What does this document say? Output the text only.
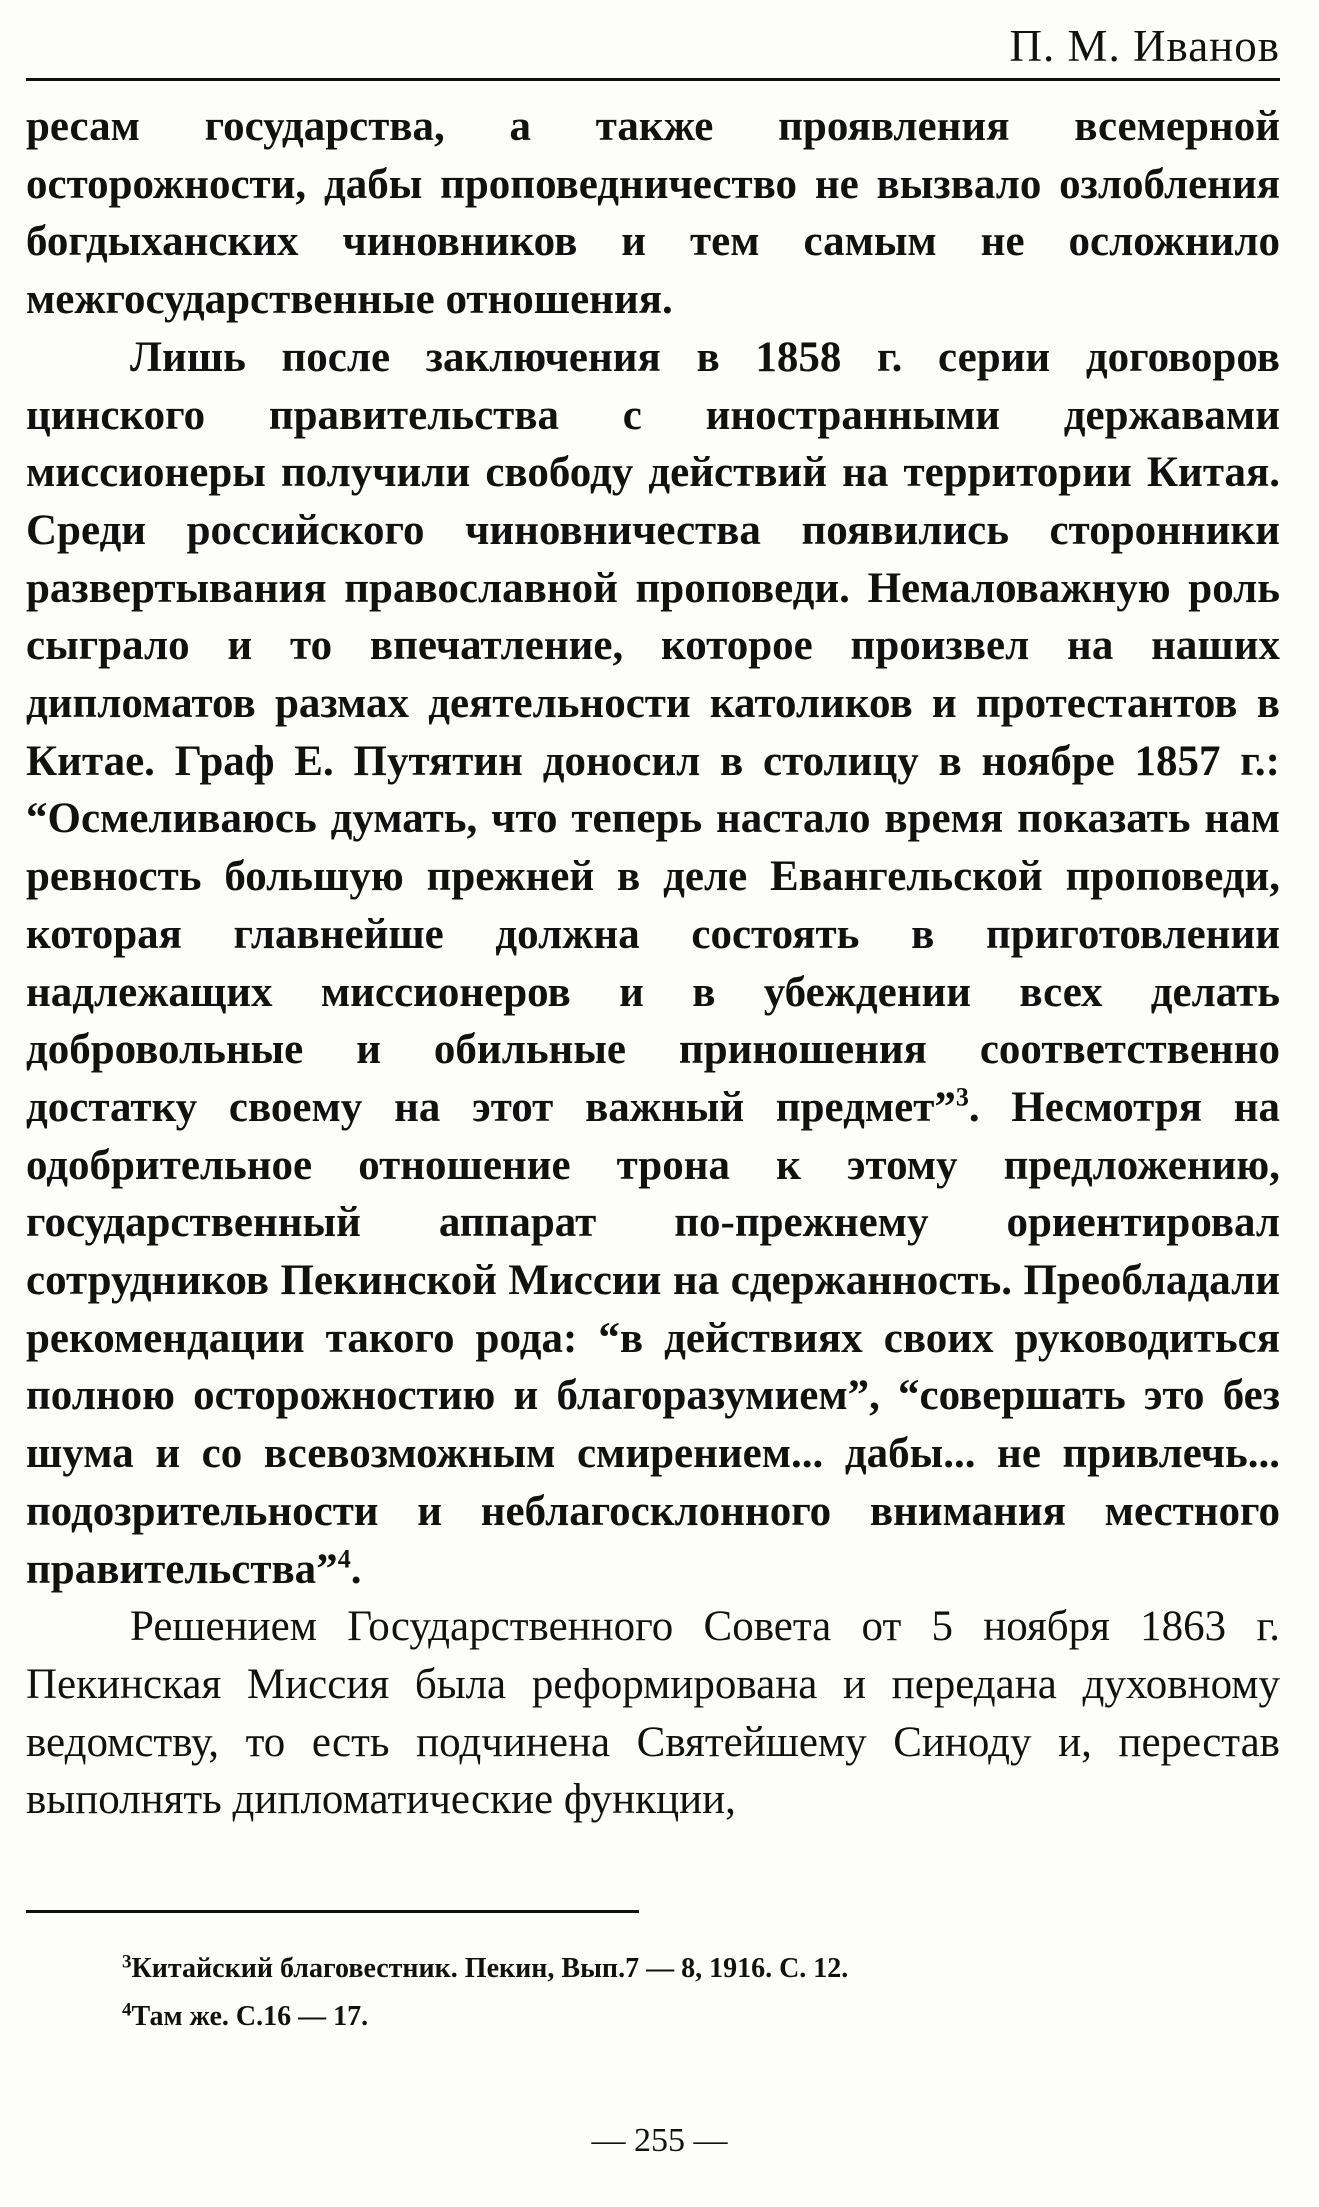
П. М. Иванов

ресам государства, а также проявления всемерной осторожности, дабы проповедничество не вызвало озлобления богдыханских чиновников и тем самым не осложнило межгосударственные отношения.

Лишь после заключения в 1858 г. серии договоров цинского правительства с иностранными державами миссионеры получили свободу действий на территории Китая. Среди российского чиновничества появились сторонники развертывания православной проповеди. Немаловажную роль сыграло и то впечатление, которое произвел на наших дипломатов размах деятельности католиков и протестантов в Китае. Граф Е. Путятин доносил в столицу в ноябре 1857 г.: “Осмеливаюсь думать, что теперь настало время показать нам ревность большую прежней в деле Евангельской проповеди, которая главнейше должна состоять в приготовлении надлежащих миссионеров и в убеждении всех делать добровольные и обильные приношения соответственно достатку своему на этот важный предмет”$^3$. Несмотря на одобрительное отношение трона к этому предложению, государственный аппарат по-прежнему ориентировал сотрудников Пекинской Миссии на сдержанность. Преобладали рекомендации такого рода: “в действиях своих руководиться полною осторожностию и благоразумием”, “совершать это без шума и со всевозможным смирением... дабы... не привлечь... подозрительности и неблагосклонного внимания местного правительства”$^4$.

Решением Государственного Совета от 5 ноября 1863 г. Пекинская Миссия была реформирована и передана духовному ведомству, то есть подчинена Святейшему Синоду и, перестав выполнять дипломатические функции,

$^3$Китайский благовестник. Пекин, Вып.7 — 8, 1916. С. 12.

$^4$Там же. С.16 — 17.

— 255 —
